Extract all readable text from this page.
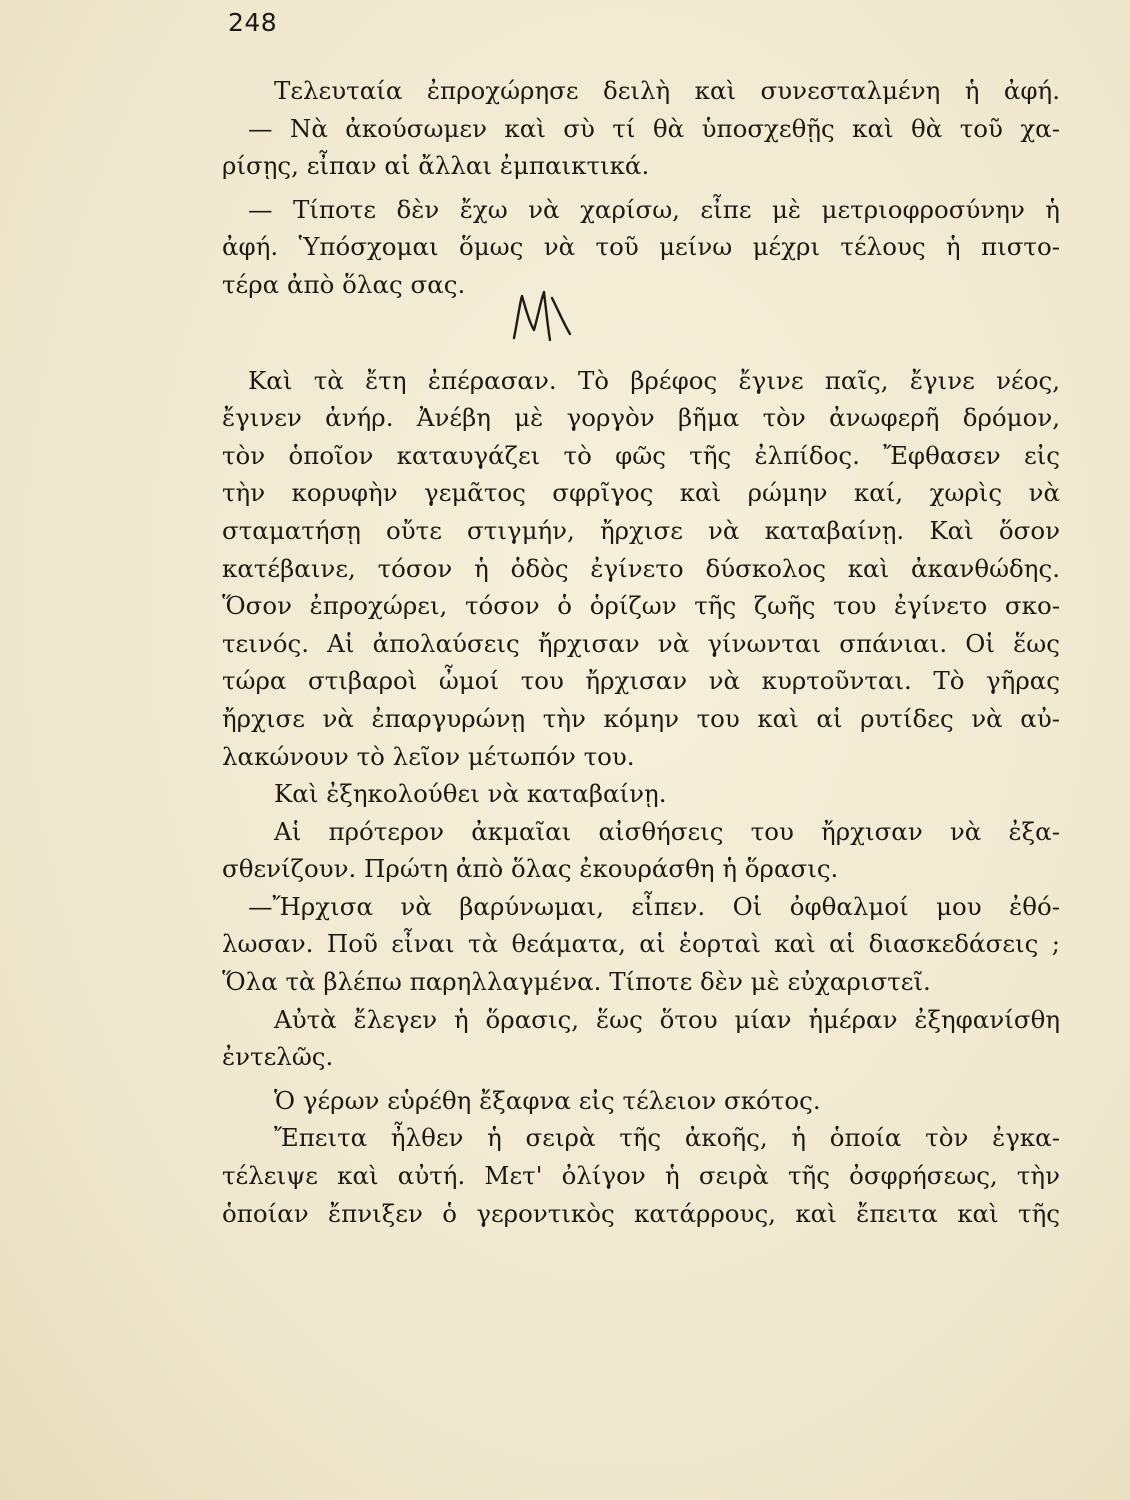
248
Τελευταία ἐπροχώρησε δειλὴ καὶ συνεσταλμένη ἡ ἀφή.
— Νὰ ἀκούσωμεν καὶ σὺ τί θὰ ὑποσχεθῇς καὶ θὰ τοῦ χα-
ρίσῃς, εἶπαν αἱ ἄλλαι ἐμπαικτικά.
— Τίποτε δὲν ἔχω νὰ χαρίσω, εἶπε μὲ μετριοφροσύνην ἡ
ἀφή. Ὑπόσχομαι ὅμως νὰ τοῦ μείνω μέχρι τέλους ἡ πιστο-
τέρα ἀπὸ ὅλας σας.
Καὶ τὰ ἔτη ἐπέρασαν. Τὸ βρέφος ἔγινε παῖς, ἔγινε νέος,
ἔγινεν ἀνήρ. Ἀνέβη μὲ γοργὸν βῆμα τὸν ἀνωφερῆ δρόμον,
τὸν ὁποῖον καταυγάζει τὸ φῶς τῆς ἐλπίδος. Ἔφθασεν εἰς
τὴν κορυφὴν γεμᾶτος σφρῖγος καὶ ρώμην καί, χωρὶς νὰ
σταματήσῃ οὔτε στιγμήν, ἤρχισε νὰ καταβαίνῃ. Καὶ ὅσον
κατέβαινε, τόσον ἡ ὁδὸς ἐγίνετο δύσκολος καὶ ἀκανθώδης.
Ὅσον ἐπροχώρει, τόσον ὁ ὁρίζων τῆς ζωῆς του ἐγίνετο σκο-
τεινός. Αἱ ἀπολαύσεις ἤρχισαν νὰ γίνωνται σπάνιαι. Οἱ ἕως
τώρα στιβαροὶ ὦμοί του ἤρχισαν νὰ κυρτοῦνται. Τὸ γῆρας
ἤρχισε νὰ ἐπαργυρώνῃ τὴν κόμην του καὶ αἱ ρυτίδες νὰ αὐ-
λακώνουν τὸ λεῖον μέτωπόν του.
Καὶ ἐξηκολούθει νὰ καταβαίνῃ.
Αἱ πρότερον ἀκμαῖαι αἰσθήσεις του ἤρχισαν νὰ ἐξα-
σθενίζουν. Πρώτη ἀπὸ ὅλας ἐκουράσθη ἡ ὅρασις.
—Ἤρχισα νὰ βαρύνωμαι, εἶπεν. Οἱ ὀφθαλμοί μου ἐθό-
λωσαν. Ποῦ εἶναι τὰ θεάματα, αἱ ἑορταὶ καὶ αἱ διασκεδάσεις ;
Ὅλα τὰ βλέπω παρηλλαγμένα. Τίποτε δὲν μὲ εὐχαριστεῖ.
Αὐτὰ ἔλεγεν ἡ ὅρασις, ἕως ὅτου μίαν ἡμέραν ἐξηφανίσθη
ἐντελῶς.
Ὁ γέρων εὑρέθη ἔξαφνα εἰς τέλειον σκότος.
Ἔπειτα ἦλθεν ἡ σειρὰ τῆς ἀκοῆς, ἡ ὁποία τὸν ἐγκα-
τέλειψε καὶ αὐτή. Μετ' ὀλίγον ἡ σειρὰ τῆς ὀσφρήσεως, τὴν
ὁποίαν ἔπνιξεν ὁ γεροντικὸς κατάρρους, καὶ ἔπειτα καὶ τῆς
